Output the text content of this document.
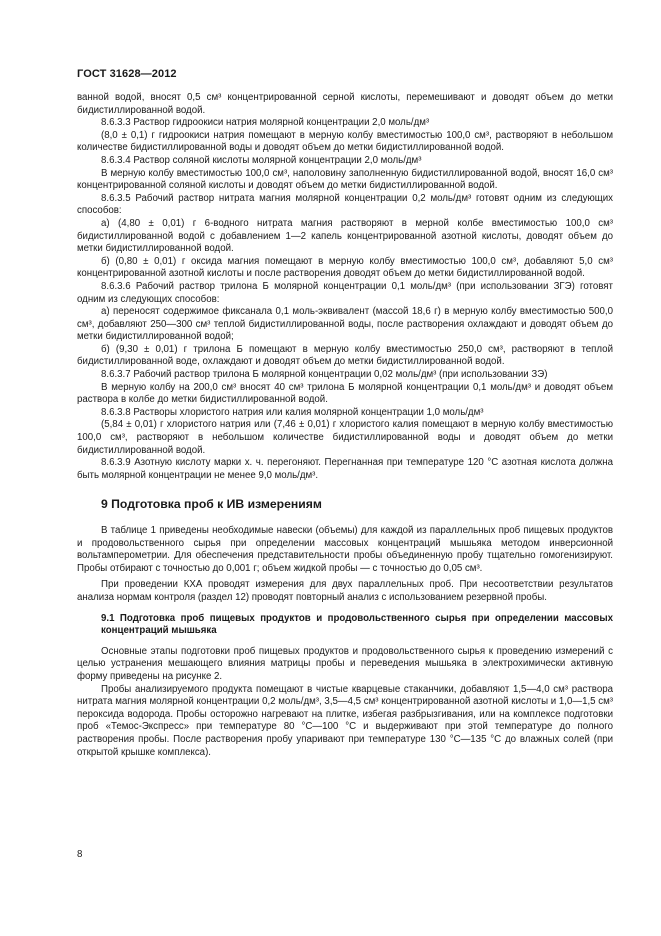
ГОСТ 31628—2012

ванной водой, вносят 0,5 см³ концентрированной серной кислоты, перемешивают и доводят объем до метки бидистиллированной водой.

8.6.3.3 Раствор гидроокиси натрия молярной концентрации 2,0 моль/дм³

(8,0 ± 0,1) г гидроокиси натрия помещают в мерную колбу вместимостью 100,0 см³, растворяют в небольшом количестве бидистиллированной воды и доводят объем до метки бидистиллированной водой.

8.6.3.4 Раствор соляной кислоты молярной концентрации 2,0 моль/дм³

В мерную колбу вместимостью 100,0 см³, наполовину заполненную бидистиллированной водой, вносят 16,0 см³ концентрированной соляной кислоты и доводят объем до метки бидистиллированной водой.

8.6.3.5 Рабочий раствор нитрата магния молярной концентрации 0,2 моль/дм³ готовят одним из следующих способов:

а) (4,80 ± 0,01) г 6-водного нитрата магния растворяют в мерной колбе вместимостью 100,0 см³ бидистиллированной водой с добавлением 1—2 капель концентрированной азотной кислоты, доводят объем до метки бидистиллированной водой.

б) (0,80 ± 0,01) г оксида магния помещают в мерную колбу вместимостью 100,0 см³, добавляют 5,0 см³ концентрированной азотной кислоты и после растворения доводят объем до метки бидистиллированной водой.

8.6.3.6 Рабочий раствор трилона Б молярной концентрации 0,1 моль/дм³ (при использовании ЗГЭ) готовят одним из следующих способов:

а) переносят содержимое фиксанала 0,1 моль-эквивалент (массой 18,6 г) в мерную колбу вместимостью 500,0 см³, добавляют 250—300 см³ теплой бидистиллированной воды, после растворения охлаждают и доводят объем до метки бидистиллированной водой;

б) (9,30 ± 0,01) г трилона Б помещают в мерную колбу вместимостью 250,0 см³, растворяют в теплой бидистиллированной воде, охлаждают и доводят объем до метки бидистиллированной водой.

8.6.3.7 Рабочий раствор трилона Б молярной концентрации 0,02 моль/дм³ (при использовании ЗЭ)

В мерную колбу на 200,0 см³ вносят 40 см³ трилона Б молярной концентрации 0,1 моль/дм³ и доводят объем раствора в колбе до метки бидистиллированной водой.

8.6.3.8 Растворы хлористого натрия или калия молярной концентрации 1,0 моль/дм³

(5,84 ± 0,01) г хлористого натрия или (7,46 ± 0,01) г хлористого калия помещают в мерную колбу вместимостью 100,0 см³, растворяют в небольшом количестве бидистиллированной воды и доводят объем до метки бидистиллированной водой.

8.6.3.9 Азотную кислоту марки х. ч. перегоняют. Перегнанная при температуре 120 °С азотная кислота должна быть молярной концентрации не менее 9,0 моль/дм³.

9 Подготовка проб к ИВ измерениям

В таблице 1 приведены необходимые навески (объемы) для каждой из параллельных проб пищевых продуктов и продовольственного сырья при определении массовых концентраций мышьяка методом инверсионной вольтамперометрии. Для обеспечения представительности пробы объединенную пробу тщательно гомогенизируют. Пробы отбирают с точностью до 0,001 г; объем жидкой пробы — с точностью до 0,05 см³.

При проведении КХА проводят измерения для двух параллельных проб. При несоответствии результатов анализа нормам контроля (раздел 12) проводят повторный анализ с использованием резервной пробы.

9.1 Подготовка проб пищевых продуктов и продовольственного сырья при определении массовых концентраций мышьяка

Основные этапы подготовки проб пищевых продуктов и продовольственного сырья к проведению измерений с целью устранения мешающего влияния матрицы пробы и переведения мышьяка в электрохимически активную форму приведены на рисунке 2.

Пробы анализируемого продукта помещают в чистые кварцевые стаканчики, добавляют 1,5—4,0 см³ раствора нитрата магния молярной концентрации 0,2 моль/дм³, 3,5—4,5 см³ концентрированной азотной кислоты и 1,0—1,5 см³ пероксида водорода. Пробы осторожно нагревают на плитке, избегая разбрызгивания, или на комплексе подготовки проб «Темос-Экспресс» при температуре 80 °С—100 °С и выдерживают при этой температуре до полного растворения пробы. После растворения пробу упаривают при температуре 130 °С—135 °С до влажных солей (при открытой крышке комплекса).

8
